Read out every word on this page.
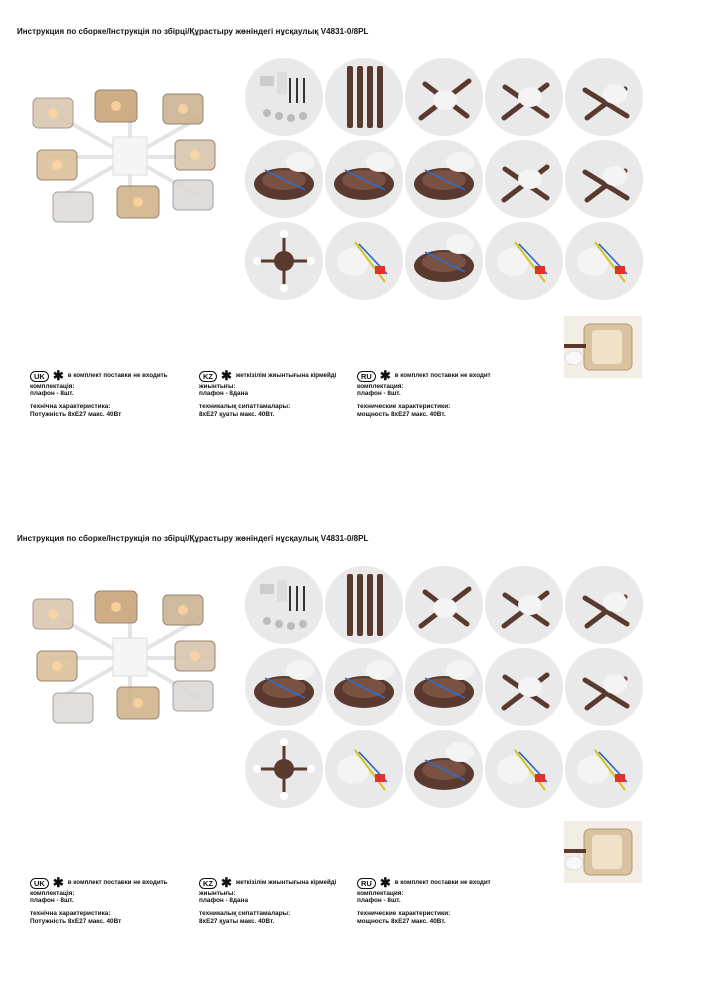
Инструкция по сборке/Інструкція по збірці/Құрастыру жөніндегі нұсқаулық V4831-0/8PL
UK ✱ в комплект поставки не входить
комплектація:
плафон - 8шт.
технічна характеристика:
Потужність 8хЕ27 макс. 40Вт
KZ ✱ жеткізілім жиынтығына кірмейді
жиынтығы:
плафон - 8дана
техникалық сипаттамалары:
8хЕ27 қуаты макс. 40Вт.
RU ✱ в комплект поставки не входит
комплектация:
плафон - 8шт.
технические характеристики:
мощность 8хЕ27 макс. 40Вт.
Инструкция по сборке/Інструкція по збірці/Құрастыру жөніндегі нұсқаулық V4831-0/8PL
UK ✱ в комплект поставки не входить
комплектація:
плафон - 8шт.
технічна характеристика:
Потужність 8хЕ27 макс. 40Вт
KZ ✱ жеткізілім жиынтығына кірмейді
жиынтығы:
плафон - 8дана
техникалық сипаттамалары:
8хЕ27 қуаты макс. 40Вт.
RU ✱ в комплект поставки не входит
комплектация:
плафон - 8шт.
технические характеристики:
мощность 8хЕ27 макс. 40Вт.
